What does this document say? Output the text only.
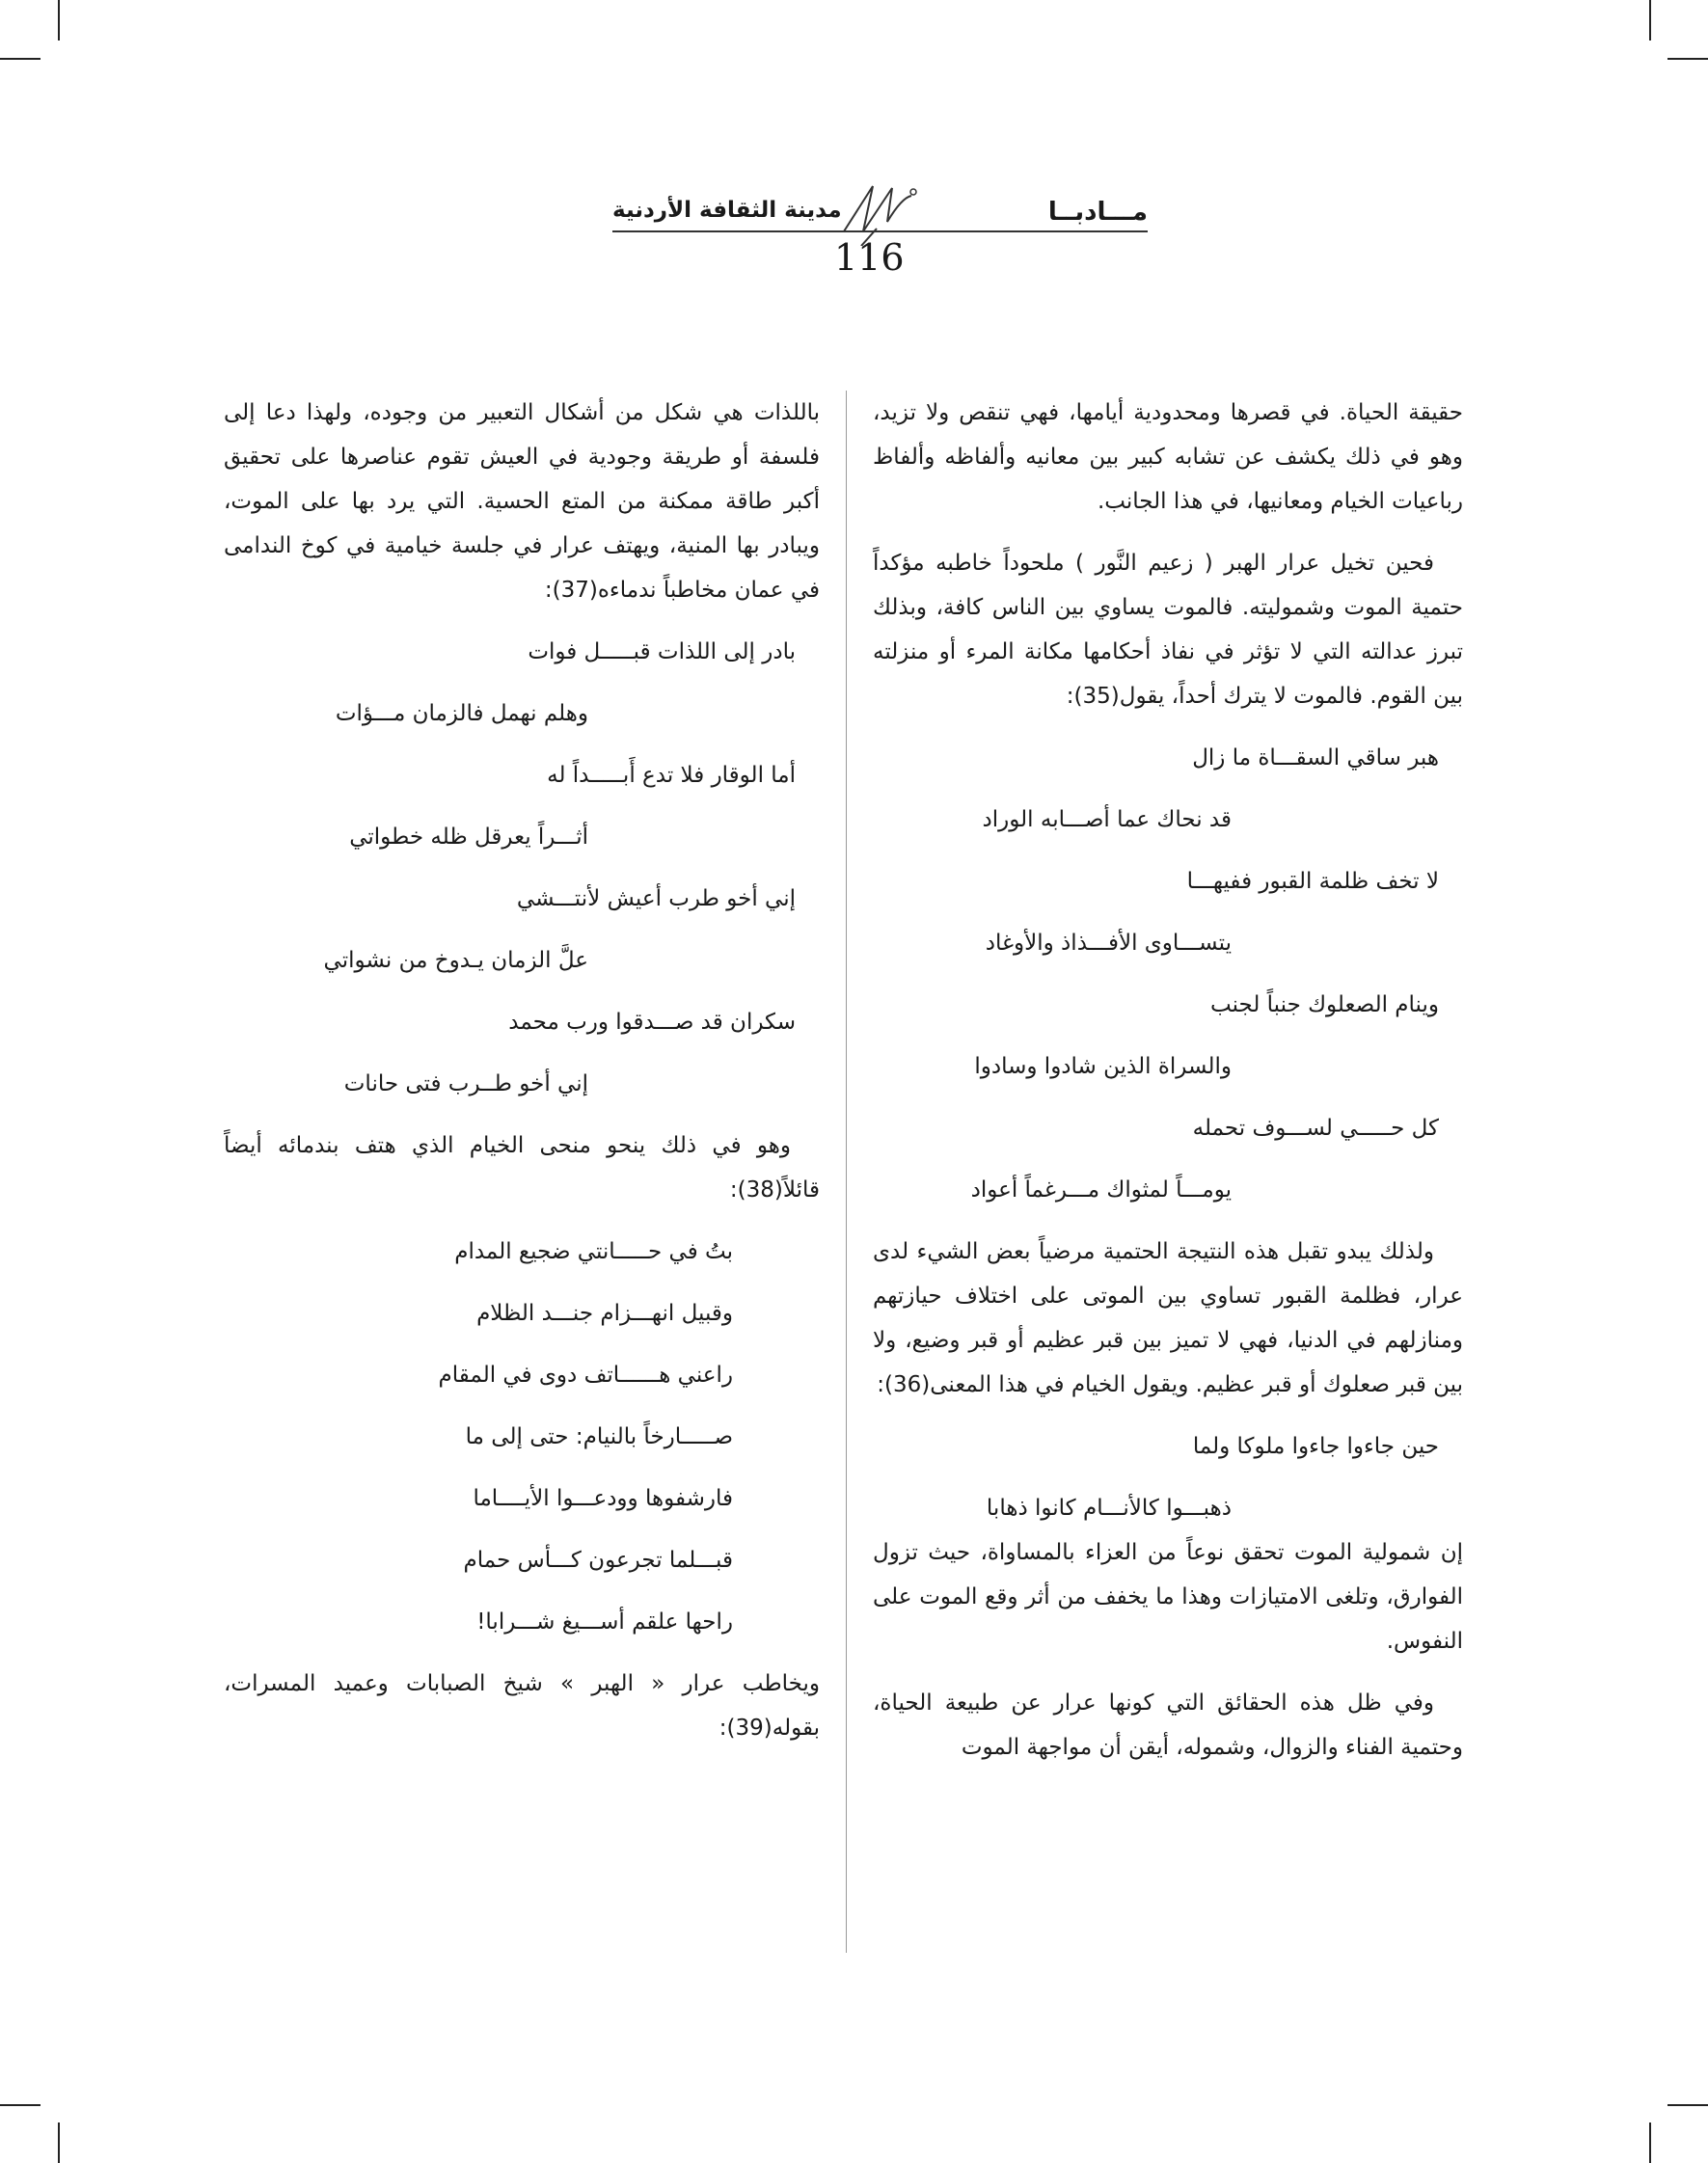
مـــادبــا
مدينة الثقافة الأردنية
116

حقيقة الحياة. في قصرها ومحدودية أيامها، فهي تنقص ولا تزيد، وهو في ذلك يكشف عن تشابه كبير بين معانيه وألفاظه وألفاظ رباعيات الخيام ومعانيها، في هذا الجانب.

فحين تخيل عرار الهبر ( زعيم النَّور ) ملحوداً خاطبه مؤكداً حتمية الموت وشموليته. فالموت يساوي بين الناس كافة، وبذلك تبرز عدالته التي لا تؤثر في نفاذ أحكامها مكانة المرء أو منزلته بين القوم. فالموت لا يترك أحداً، يقول(35):

هبر ساقي السقـــاة ما زال
قد نحاك عما أصـــابه الوراد
لا تخف ظلمة القبور ففيهـــا
يتســـاوى الأفـــذاذ والأوغاد
وينام الصعلوك جنباً لجنب
والسراة الذين شادوا وسادوا
كل حـــــي لســـوف تحمله
يومـــاً لمثواك مـــرغماً أعواد

ولذلك يبدو تقبل هذه النتيجة الحتمية مرضياً بعض الشيء لدى عرار، فظلمة القبور تساوي بين الموتى على اختلاف حيازتهم ومنازلهم في الدنيا، فهي لا تميز بين قبر عظيم أو قبر وضيع، ولا بين قبر صعلوك أو قبر عظيم. ويقول الخيام في هذا المعنى(36):

حين جاءوا جاءوا ملوكا ولما
ذهبـــوا كالأنـــام كانوا ذهابا

إن شمولية الموت تحقق نوعاً من العزاء بالمساواة، حيث تزول الفوارق، وتلغى الامتيازات وهذا ما يخفف من أثر وقع الموت على النفوس.

وفي ظل هذه الحقائق التي كونها عرار عن طبيعة الحياة، وحتمية الفناء والزوال، وشموله، أيقن أن مواجهة الموت

باللذات هي شكل من أشكال التعبير من وجوده، ولهذا دعا إلى فلسفة أو طريقة وجودية في العيش تقوم عناصرها على تحقيق أكبر طاقة ممكنة من المتع الحسية. التي يرد بها على الموت، ويبادر بها المنية، ويهتف عرار في جلسة خيامية في كوخ الندامى في عمان مخاطباً ندماءه(37):

بادر إلى اللذات قبـــــل فوات
وهلم نهمل فالزمان مـــؤات
أما الوقار فلا تدع أَبـــــداً له
أثـــراً يعرقل ظله خطواتي
إني أخو طرب أعيش لأنتـــشي
علَّ الزمان يـدوخ من نشواتي
سكران قد صـــدقوا ورب محمد
إني أخو طــرب فتى حانات

وهو في ذلك ينحو منحى الخيام الذي هتف بندمائه أيضاً قائلاً(38):

بتُ في حـــــانتي ضجيع المدام
وقبيل انهـــزام جنـــد الظلام
راعني هــــــاتف دوى في المقام
صـــــارخاً بالنيام: حتى إلى ما
فارشفوها وودعـــوا الأيــــاما
قبـــلما تجرعون كـــأس حمام
راحها علقم أســـيغ شـــرابا!

ويخاطب عرار « الهبر » شيخ الصبابات وعميد المسرات، بقوله(39):
